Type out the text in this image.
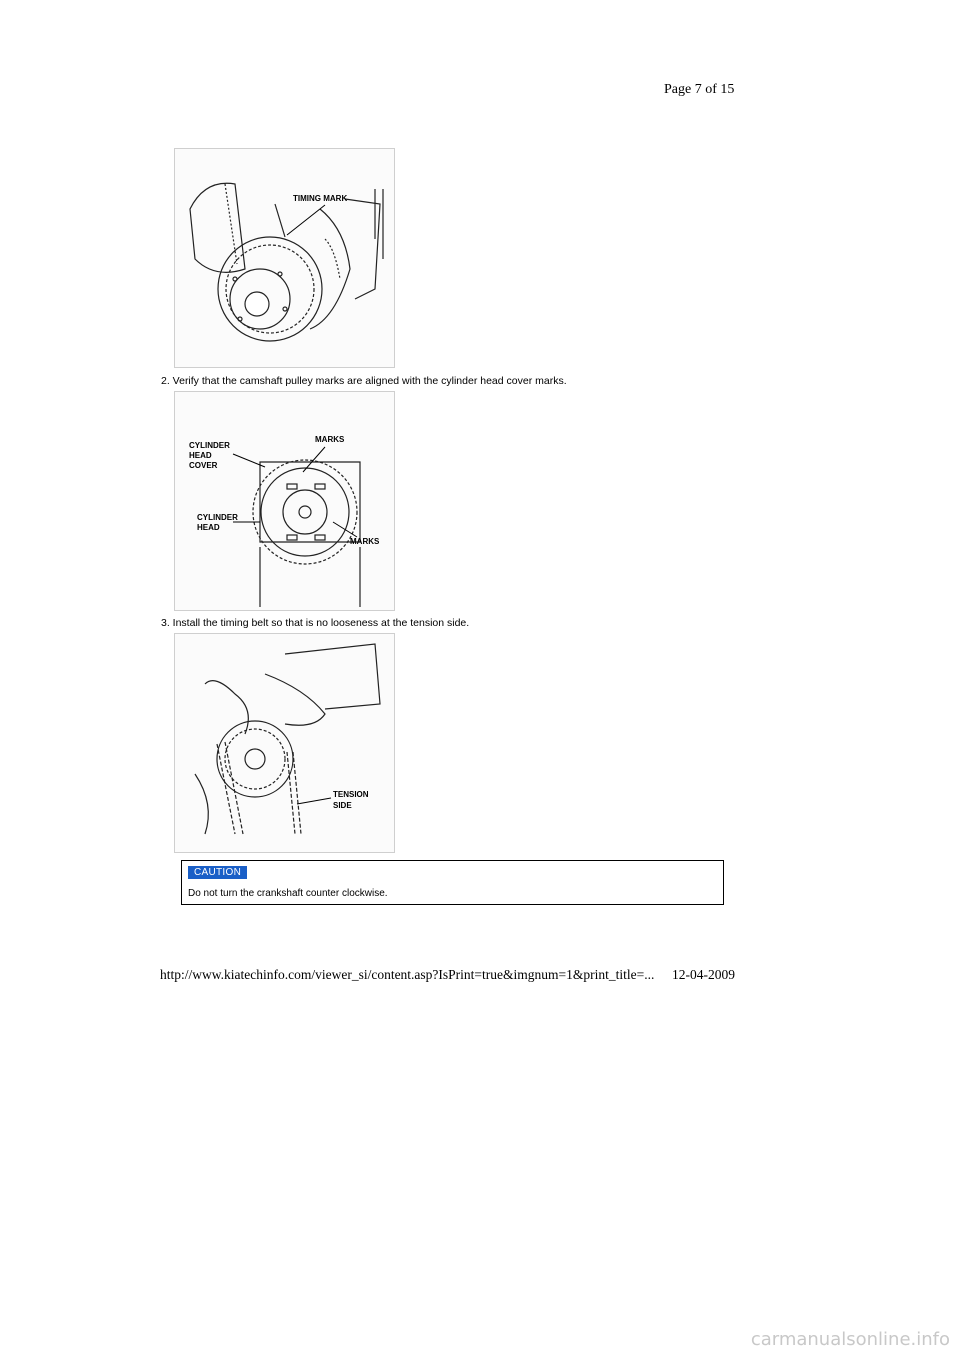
Page 7 of 15
TIMING MARK
2. Verify that the camshaft pulley marks are aligned with the cylinder head cover marks.
CYLINDER
HEAD
COVER
MARKS
CYLINDER
HEAD
MARKS
3. Install the timing belt so that is no looseness at the tension side.
TENSION
SIDE
CAUTION
Do not turn the crankshaft counter clockwise.
http://www.kiatechinfo.com/viewer_si/content.asp?IsPrint=true&imgnum=1&print_title=... 12-04-2009
carmanualsonline.info
